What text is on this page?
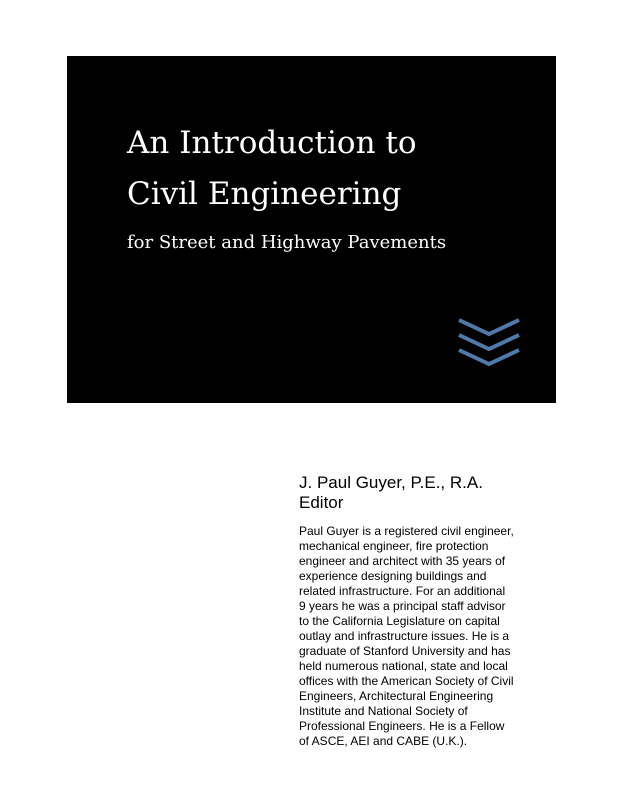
An Introduction to
Civil Engineering

for Street and Highway Pavements

J. Paul Guyer, P.E., R.A.

Editor

Paul Guyer is a registered civil engineer,
mechanical engineer, fire protection
engineer and architect with 35 years of
experience designing buildings and
related infrastructure. For an additional
9 years he was a principal staff advisor
to the California Legislature on capital
outlay and infrastructure issues. He is a
graduate of Stanford University and has
held numerous national, state and local
offices with the American Society of Civil
Engineers, Architectural Engineering
Institute and National Society of
Professional Engineers. He is a Fellow
of ASCE, AEI and CABE (U.K.).
